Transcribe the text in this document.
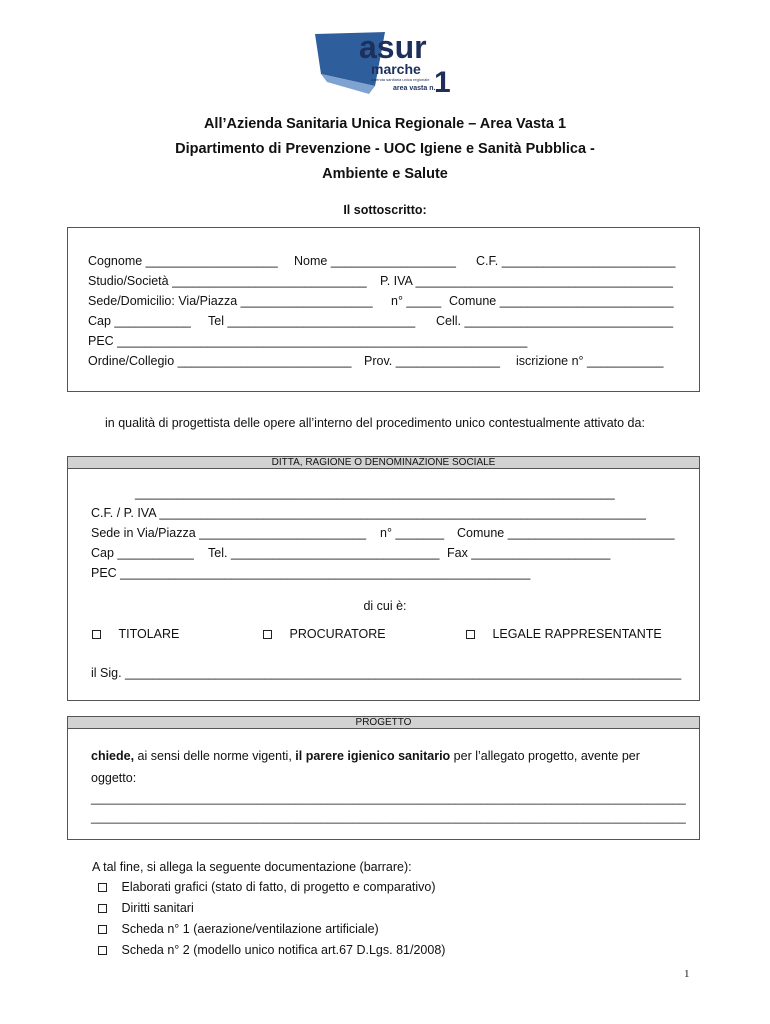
asur
marche
azienda sanitaria unica regionale
area vasta n.
1
All’Azienda Sanitaria Unica Regionale – Area Vasta 1
Dipartimento di Prevenzione - UOC Igiene e Sanità Pubblica -
Ambiente e Salute
Il sottoscritto:
Cognome ___________________ Nome __________________ C.F. _________________________
Studio/Società ____________________________ P. IVA _____________________________________
Sede/Domicilio: Via/Piazza ___________________ n° _____ Comune _________________________
Cap ___________ Tel ___________________________ Cell. ______________________________
PEC ___________________________________________________________
Ordine/Collegio _________________________ Prov. _______________ iscrizione n° ___________
in qualità di progettista delle opere all’interno del procedimento unico contestualmente attivato da:
DITTA, RAGIONE O DENOMINAZIONE SOCIALE
_____________________________________________________________________
C.F. / P. IVA ______________________________________________________________________
Sede in Via/Piazza ________________________ n° _______ Comune ________________________
Cap ___________ Tel. ______________________________ Fax ____________________
PEC ___________________________________________________________
di cui è:
TITOLARE	PROCURATORE	LEGALE RAPPRESENTANTE
il Sig. ________________________________________________________________________________
PROGETTO
chiede, ai sensi delle norme vigenti, il parere igienico sanitario per l’allegato progetto, avente per
oggetto:
_____________________________________________________________________________________________
_____________________________________________________________________________________________
A tal fine, si allega la seguente documentazione (barrare):
Elaborati grafici (stato di fatto, di progetto e comparativo)
Diritti sanitari
Scheda n° 1 (aerazione/ventilazione artificiale)
Scheda n° 2 (modello unico notifica art.67 D.Lgs. 81/2008)
1
